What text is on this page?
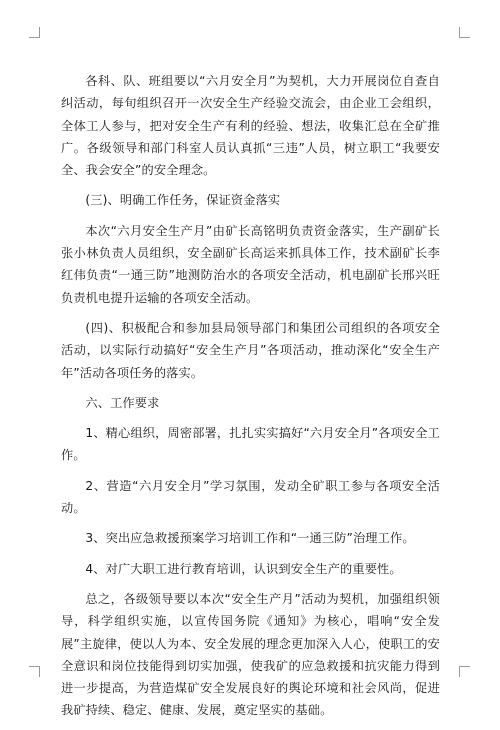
各科、队、班组要以“六月安全月”为契机，大力开展岗位自查自纠活动，每旬组织召开一次安全生产经验交流会，由企业工会组织，全体工人参与，把对安全生产有利的经验、想法，收集汇总在全矿推广。各级领导和部门科室人员认真抓“三违”人员，树立职工“我要安全、我会安全”的安全理念。

(三)、明确工作任务，保证资金落实

本次“六月安全生产月”由矿长高铭明负责资金落实，生产副矿长张小林负责人员组织，安全副矿长高运来抓具体工作，技术副矿长李红伟负责“一通三防”地测防治水的各项安全活动，机电副矿长邢兴旺负责机电提升运输的各项安全活动。

(四)、积极配合和参加县局领导部门和集团公司组织的各项安全活动，以实际行动搞好“安全生产月”各项活动，推动深化“安全生产年”活动各项任务的落实。

六、工作要求

1、精心组织，周密部署，扎扎实实搞好“六月安全月”各项安全工作。

2、营造“六月安全月”学习氛围，发动全矿职工参与各项安全活动。

3、突出应急救援预案学习培训工作和“一通三防”治理工作。

4、对广大职工进行教育培训，认识到安全生产的重要性。

总之，各级领导要以本次“安全生产月”活动为契机，加强组织领导，科学组织实施，以宣传国务院《通知》为核心，唱响“安全发展”主旋律，使以人为本、安全发展的理念更加深入人心，使职工的安全意识和岗位技能得到切实加强，使我矿的应急救援和抗灾能力得到进一步提高，为营造煤矿安全发展良好的舆论环境和社会风尚，促进我矿持续、稳定、健康、发展，奠定坚实的基础。
